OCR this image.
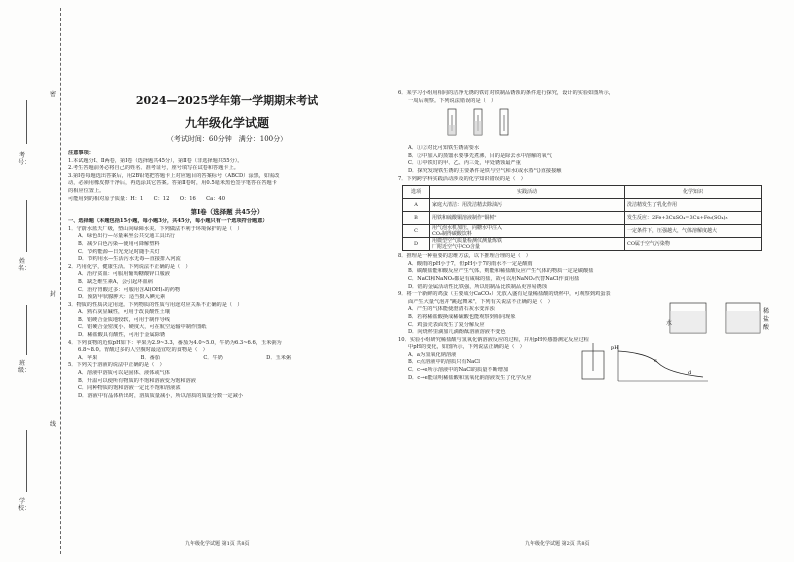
考号：
姓名：
班级：
学校：
密
封
线
2024—2025学年第一学期期末考试
九年级化学试题
（考试时间：60分钟　满分：100分）
注意事项：
1.本试题分Ⅰ、Ⅱ两卷，第Ⅰ卷（选择题共45分），第Ⅱ卷（非选择题共55分）。
2.考生答题前务必将自己的姓名、准考证号，座号填写在试卷和答题卡上。
3.第Ⅰ卷每题选出答案后，用2B铅笔把答题卡上对应题目的答案标号（ABCD）涂黑，如需改
动，必须用橡皮擦干净后，再选涂其它答案。答第Ⅱ卷时，用0.5毫米黑色签字笔答在答题卡
的相应位置上。
可能用到的相对原子质量：H：1　　C：12　　O：16　　Ca：40
第Ⅰ卷（选择题 共45分）
一、选择题（本题包括15小题，每小题3分，共45分，每小题只有一个选项符合题意）
1．守蔚水蓝天厂级，塑山向绿障水美。下列做法不利于环境保护的是（　）
A．绿色出行—尽量乘坐公共交通工具出行
B．减少白色污染—使用可降解塑料
C．节约能源—日光充足时随手关灯
D．节约用水—生活污水无毒—直接排入河流
2．巧用化学，健康生活。下列说法不正确的是（　）
A．治疗贫血：可服用葡萄糖酸锌口服液
B．缺乏维生素A，会引起坏血病
C．治疗胃酸过多：可服用含Al(OH)₃的药物
D．预防甲状腺肿大：适当摄入碘元素
3．物质的性质决定用途。下列物质的性质与用途对应关系不正确的是（　）
A．熟石灰显碱性，可用于改良酸性土壤
B．铝硬合金质地较软，可用于制作导线
C．铝硬合金密度小、硬度大，可在航空运输中制作图纸
D．稀盐酸具有酸性，可用于金属除锈
4．下列食物的近似pH如下：苹果为2.9~3.3，番茄为4.0~5.0，牛奶为6.3~6.6，玉米粥为
6.8~8.0。胃酸过多的人空腹时最适宜吃的食物是（　）
A．苹果	B．番茄	C．牛奶	D．玉米粥
5．下列关于溶液的说法中正确的是（　）
A．溶液中溶质可以是固体、液体或气体
B．升温可以使所有物质的不饱和溶液变为饱和溶液
C．同种物质的饱和溶液一定比不饱和溶液浓
D．溶液中有晶体析出时，溶质质量减小，所以溶质的质量分数一定减小
九年级化学试题 第1页 共8页
6．某学习小组用相同的洁净无锈的铁钉对铁制品锈蚀的条件进行探究，设计的实验如图所示，
一周后观察。下列说法错误的是（　）
A．①②对比可知铁生锈需要水
B．②中加入的蒸馏水要事先煮沸，目的是除去水中溶解的氧气
C．①中铁钉的甲、乙、丙三处，甲处锈蚀最严重
D．探究发现铁生锈的主要条件是铁与空气和水(或水蒸气)直接接触
7．下列跨学科实践活动涉及的化学知识错误的是（　）
选项	实践活动	化学知识
A	家庭大清洁：用洗洁精去除油污	洗洁精发生了乳化作用
B	用铁和硫酸铜溶液制作"铜树"	发生反应：2Fe+3CuSO₄=3Cu+Fe₂(SO₄)₃
C	用气泡水机加压，向糖水中注入
CO₂制得碳酸饮料	一定条件下，压强越大，气体溶解度越大
D	用微型空气质量检测仪测量炼铁
厂附近空气中CO含量	CO属于空气污染物
8．推理是一种重要的思维方法，以下推理合理的是（　）
A．酸雨的pH小于7，但pH小于7的雨水不一定是酸雨
B．碳酸盐能和酸反应产生气体，则能和稀盐酸反应产生气体的物质一定是碳酸盐
C．NaCl和NaNO₂都是有咸味的盐，故可以用NaNO₂代替NaCl作食用盐
D．铝的金属活动性比铁强，所以铝制品比铁制品更容易锈蚀
9．将一个新鲜的鸡蛋（主要成分CaCO₃）先放入盛有足量稀盐酸的烧杯中，可观察到鸡蛋表
面产生大量气泡并"跳起舞来"，下列有关说法不正确的是（　）
A．产生的气体能使澄清石灰水变浑浊
B．若将稀盐酸换成稀硫酸也能观察到相同现象
C．鸡蛋壳表面发生了复分解反应
D．向烧杯里滴加几滴酚酞溶液溶液不变色
水
稀
盐
酸
10．实验小组研究稀盐酸与氢氧化钠溶液反应的过程，并用pH传感器测定反应过程
中pH的变化，如图所示，下列说法正确的是（　）
A．a为氢氧化钠溶液
B．c点溶液中的溶质只有NaCl
C．c→e所示溶液中的NaCl的质量不断增加
D．c→e能证明稀盐酸和氢氧化钠溶液发生了化学反应
pH
c
d
九年级化学试题 第2页 共8页
